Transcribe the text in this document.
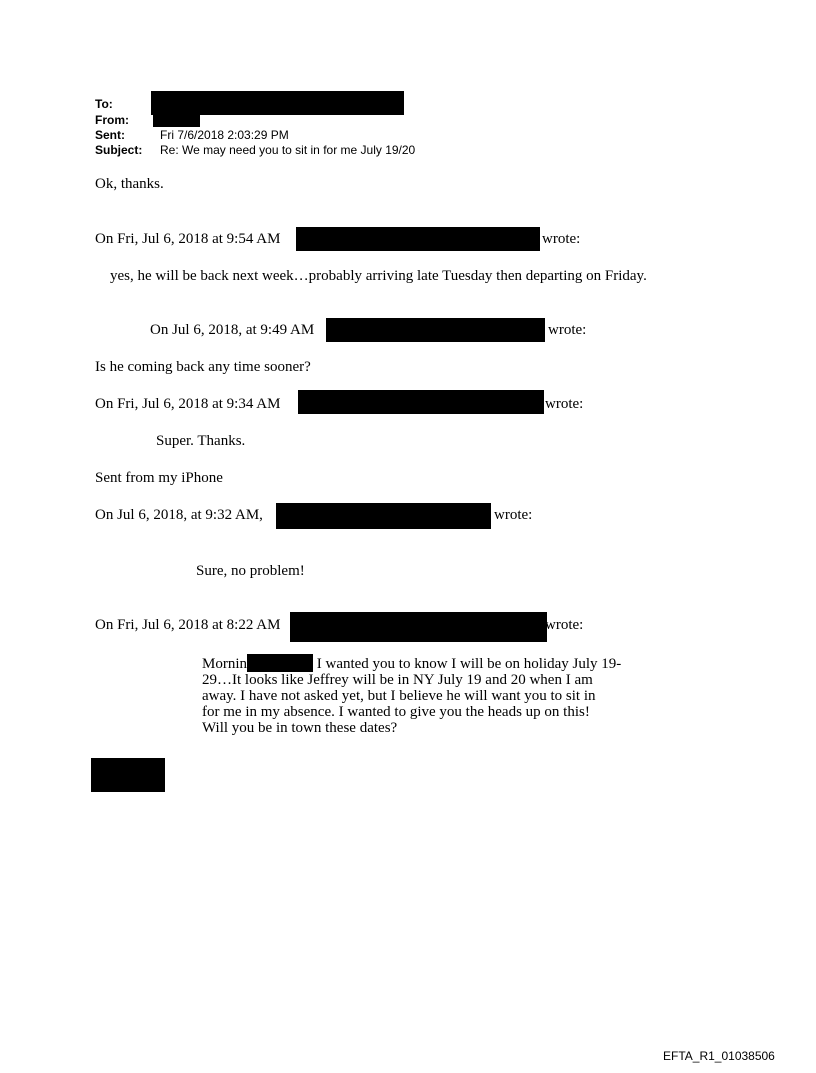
To:
From:
Sent:	Fri 7/6/2018 2:03:29 PM
Subject: Re: We may need you to sit in for me July 19/20
Ok, thanks.
On Fri, Jul 6, 2018 at 9:54 AM	wrote:
yes, he will be back next week…probably arriving late Tuesday then departing on Friday.
On Jul 6, 2018, at 9:49 AM	wrote:
Is he coming back any time sooner?
On Fri, Jul 6, 2018 at 9:34 AM	wrote:
Super. Thanks.
Sent from my iPhone
On Jul 6, 2018, at 9:32 AM,	wrote:
Sure, no problem!
On Fri, Jul 6, 2018 at 8:22 AM	wrote:
Mornin	I wanted you to know I will be on holiday July 19-
29…It looks like Jeffrey will be in NY July 19 and 20 when I am
away. I have not asked yet, but I believe he will want you to sit in
for me in my absence. I wanted to give you the heads up on this!
Will you be in town these dates?
EFTA_R1_01038506
